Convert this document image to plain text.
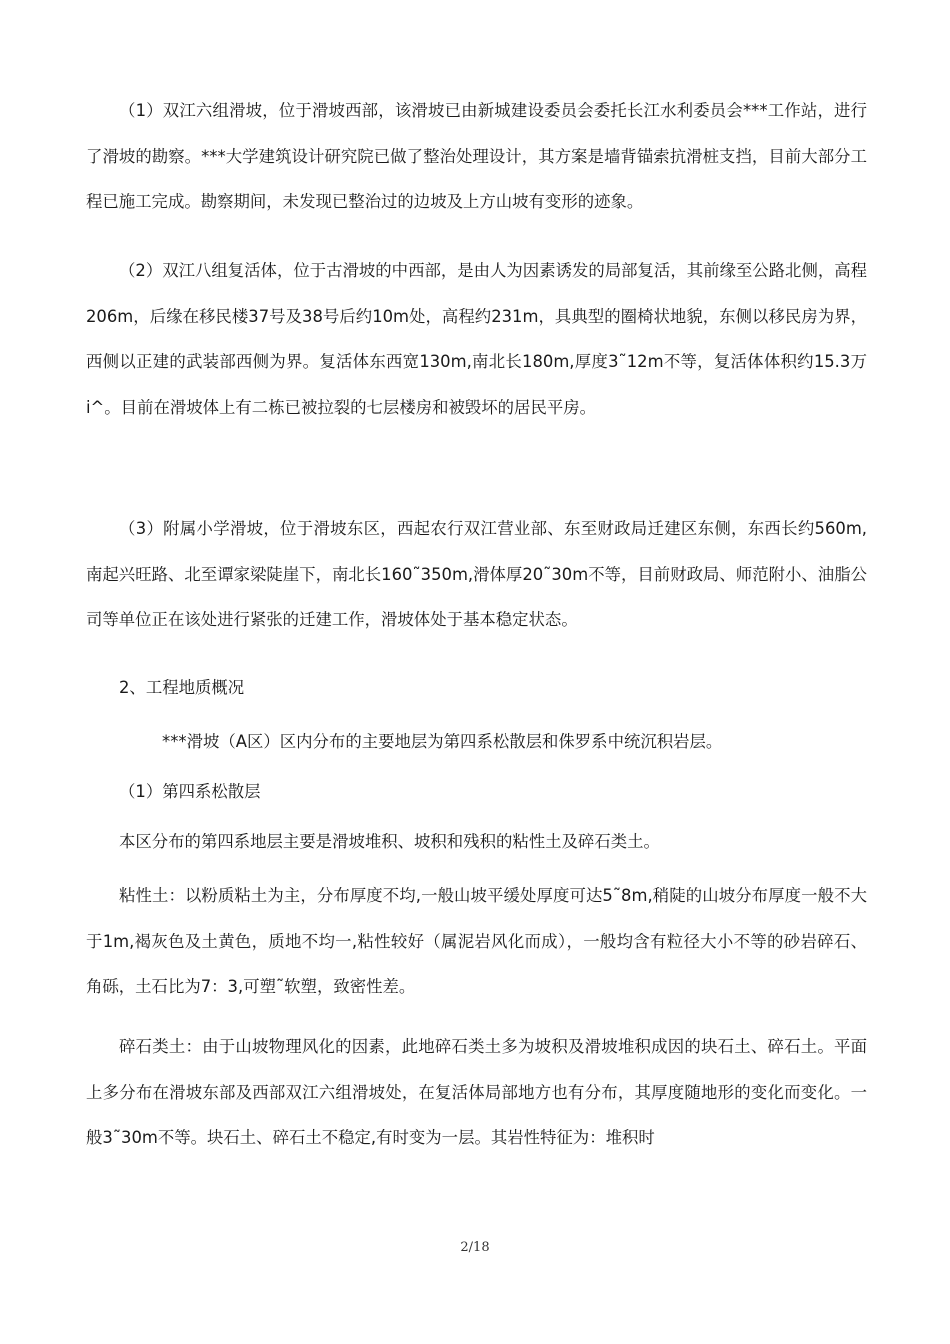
（1）双江六组滑坡，位于滑坡西部，该滑坡已由新城建设委员会委托长江水利委员会***工作站，进行了滑坡的勘察。***大学建筑设计研究院已做了整治处理设计，其方案是墙背锚索抗滑桩支挡，目前大部分工程已施工完成。勘察期间，未发现已整治过的边坡及上方山坡有变形的迹象。

（2）双江八组复活体，位于古滑坡的中西部，是由人为因素诱发的局部复活，其前缘至公路北侧，高程206m，后缘在移民楼37号及38号后约10m处，高程约231m，具典型的圈椅状地貌，东侧以移民房为界，西侧以正建的武装部西侧为界。复活体东西宽130m,南北长180m,厚度3˜12m不等，复活体体积约15.3万i^。目前在滑坡体上有二栋已被拉裂的七层楼房和被毁坏的居民平房。

（3）附属小学滑坡，位于滑坡东区，西起农行双江营业部、东至财政局迁建区东侧，东西长约560m,南起兴旺路、北至谭家梁陡崖下，南北长160˜350m,滑体厚20˜30m不等，目前财政局、师范附小、油脂公司等单位正在该处进行紧张的迁建工作，滑坡体处于基本稳定状态。

2、工程地质概况

***滑坡（A区）区内分布的主要地层为第四系松散层和侏罗系中统沉积岩层。

（1）第四系松散层

本区分布的第四系地层主要是滑坡堆积、坡积和残积的粘性土及碎石类土。

粘性土：以粉质粘土为主，分布厚度不均,一般山坡平缓处厚度可达5˜8m,稍陡的山坡分布厚度一般不大于1m,褐灰色及土黄色，质地不均一,粘性较好（属泥岩风化而成），一般均含有粒径大小不等的砂岩碎石、角砾，土石比为7：3,可塑˜软塑，致密性差。

碎石类土：由于山坡物理风化的因素，此地碎石类土多为坡积及滑坡堆积成因的块石土、碎石土。平面上多分布在滑坡东部及西部双江六组滑坡处，在复活体局部地方也有分布，其厚度随地形的变化而变化。一般3˜30m不等。块石土、碎石土不稳定,有时变为一层。其岩性特征为：堆积时

2/18
